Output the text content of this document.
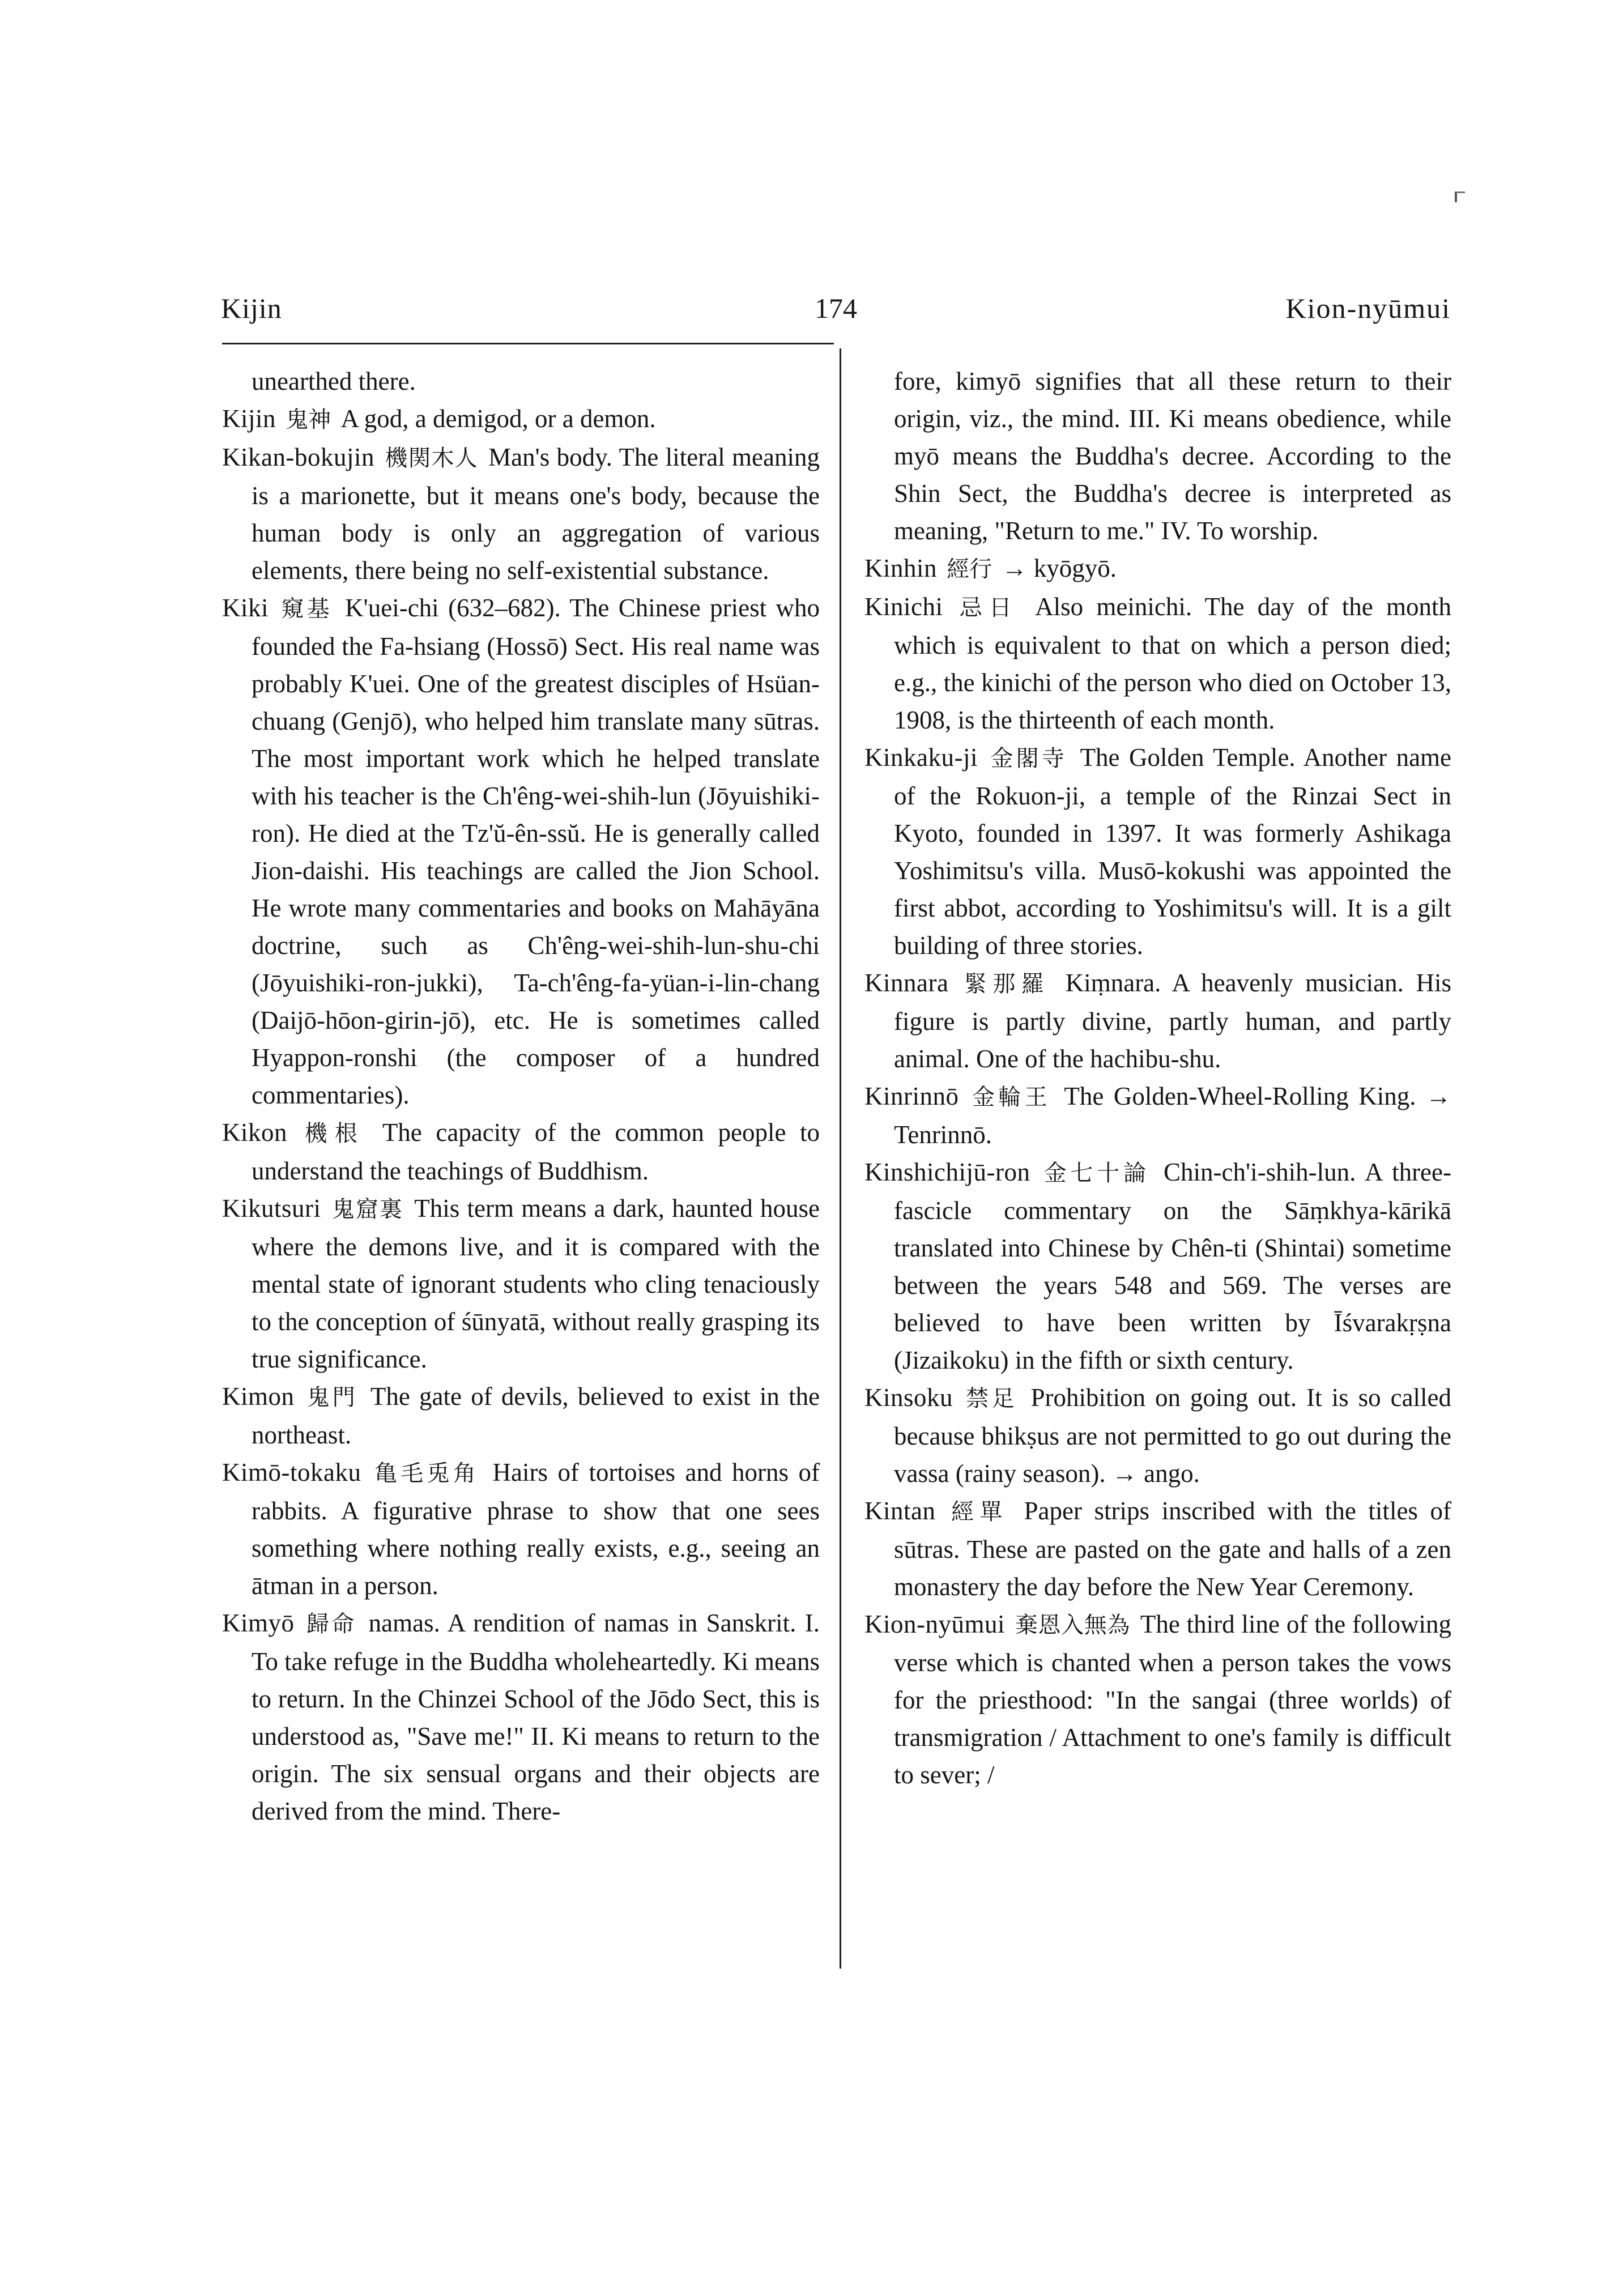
Kijin	174	Kion-nyūmui
unearthed there.
Kijin 鬼神 A god, a demigod, or a demon.
Kikan-bokujin 機関木人 Man's body. The literal meaning is a marionette, but it means one's body, because the human body is only an aggregation of various elements, there being no self-existential substance.
Kiki 窺基 K'uei-chi (632–682). The Chinese priest who founded the Fa-hsiang (Hossō) Sect. His real name was probably K'uei. One of the greatest disciples of Hsüan-chuang (Genjō), who helped him translate many sūtras. The most important work which he helped translate with his teacher is the Ch'êng-wei-shih-lun (Jōyuishiki-ron). He died at the Tz'ŭ-ên-ssŭ. He is generally called Jion-daishi. His teachings are called the Jion School. He wrote many commentaries and books on Mahāyāna doctrine, such as Ch'êng-wei-shih-lun-shu-chi (Jōyuishiki-ron-jukki), Ta-ch'êng-fa-yüan-i-lin-chang (Daijō-hōon-girin-jō), etc. He is sometimes called Hyappon-ronshi (the composer of a hundred commentaries).
Kikon 機根 The capacity of the common people to understand the teachings of Buddhism.
Kikutsuri 鬼窟裏 This term means a dark, haunted house where the demons live, and it is compared with the mental state of ignorant students who cling tenaciously to the conception of śūnyatā, without really grasping its true significance.
Kimon 鬼門 The gate of devils, believed to exist in the northeast.
Kimō-tokaku 亀毛兎角 Hairs of tortoises and horns of rabbits. A figurative phrase to show that one sees something where nothing really exists, e.g., seeing an ātman in a person.
Kimyō 歸命 namas. A rendition of namas in Sanskrit. I. To take refuge in the Buddha wholeheartedly. Ki means to return. In the Chinzei School of the Jōdo Sect, this is understood as, "Save me!" II. Ki means to return to the origin. The six sensual organs and their objects are derived from the mind. There-
fore, kimyō signifies that all these return to their origin, viz., the mind. III. Ki means obedience, while myō means the Buddha's decree. According to the Shin Sect, the Buddha's decree is interpreted as meaning, "Return to me." IV. To worship.
Kinhin 經行 → kyōgyō.
Kinichi 忌日 Also meinichi. The day of the month which is equivalent to that on which a person died; e.g., the kinichi of the person who died on October 13, 1908, is the thirteenth of each month.
Kinkaku-ji 金閣寺 The Golden Temple. Another name of the Rokuon-ji, a temple of the Rinzai Sect in Kyoto, founded in 1397. It was formerly Ashikaga Yoshimitsu's villa. Musō-kokushi was appointed the first abbot, according to Yoshimitsu's will. It is a gilt building of three stories.
Kinnara 緊那羅 Kiṃnara. A heavenly musician. His figure is partly divine, partly human, and partly animal. One of the hachibu-shu.
Kinrinnō 金輪王 The Golden-Wheel-Rolling King. → Tenrinnō.
Kinshichijū-ron 金七十論 Chin-ch'i-shih-lun. A three-fascicle commentary on the Sāṃkhya-kārikā translated into Chinese by Chên-ti (Shintai) sometime between the years 548 and 569. The verses are believed to have been written by Īśvarakṛṣna (Jizaikoku) in the fifth or sixth century.
Kinsoku 禁足 Prohibition on going out. It is so called because bhikṣus are not permitted to go out during the vassa (rainy season). → ango.
Kintan 經單 Paper strips inscribed with the titles of sūtras. These are pasted on the gate and halls of a zen monastery the day before the New Year Ceremony.
Kion-nyūmui 棄恩入無為 The third line of the following verse which is chanted when a person takes the vows for the priesthood: "In the sangai (three worlds) of transmigration / Attachment to one's family is difficult to sever; /
